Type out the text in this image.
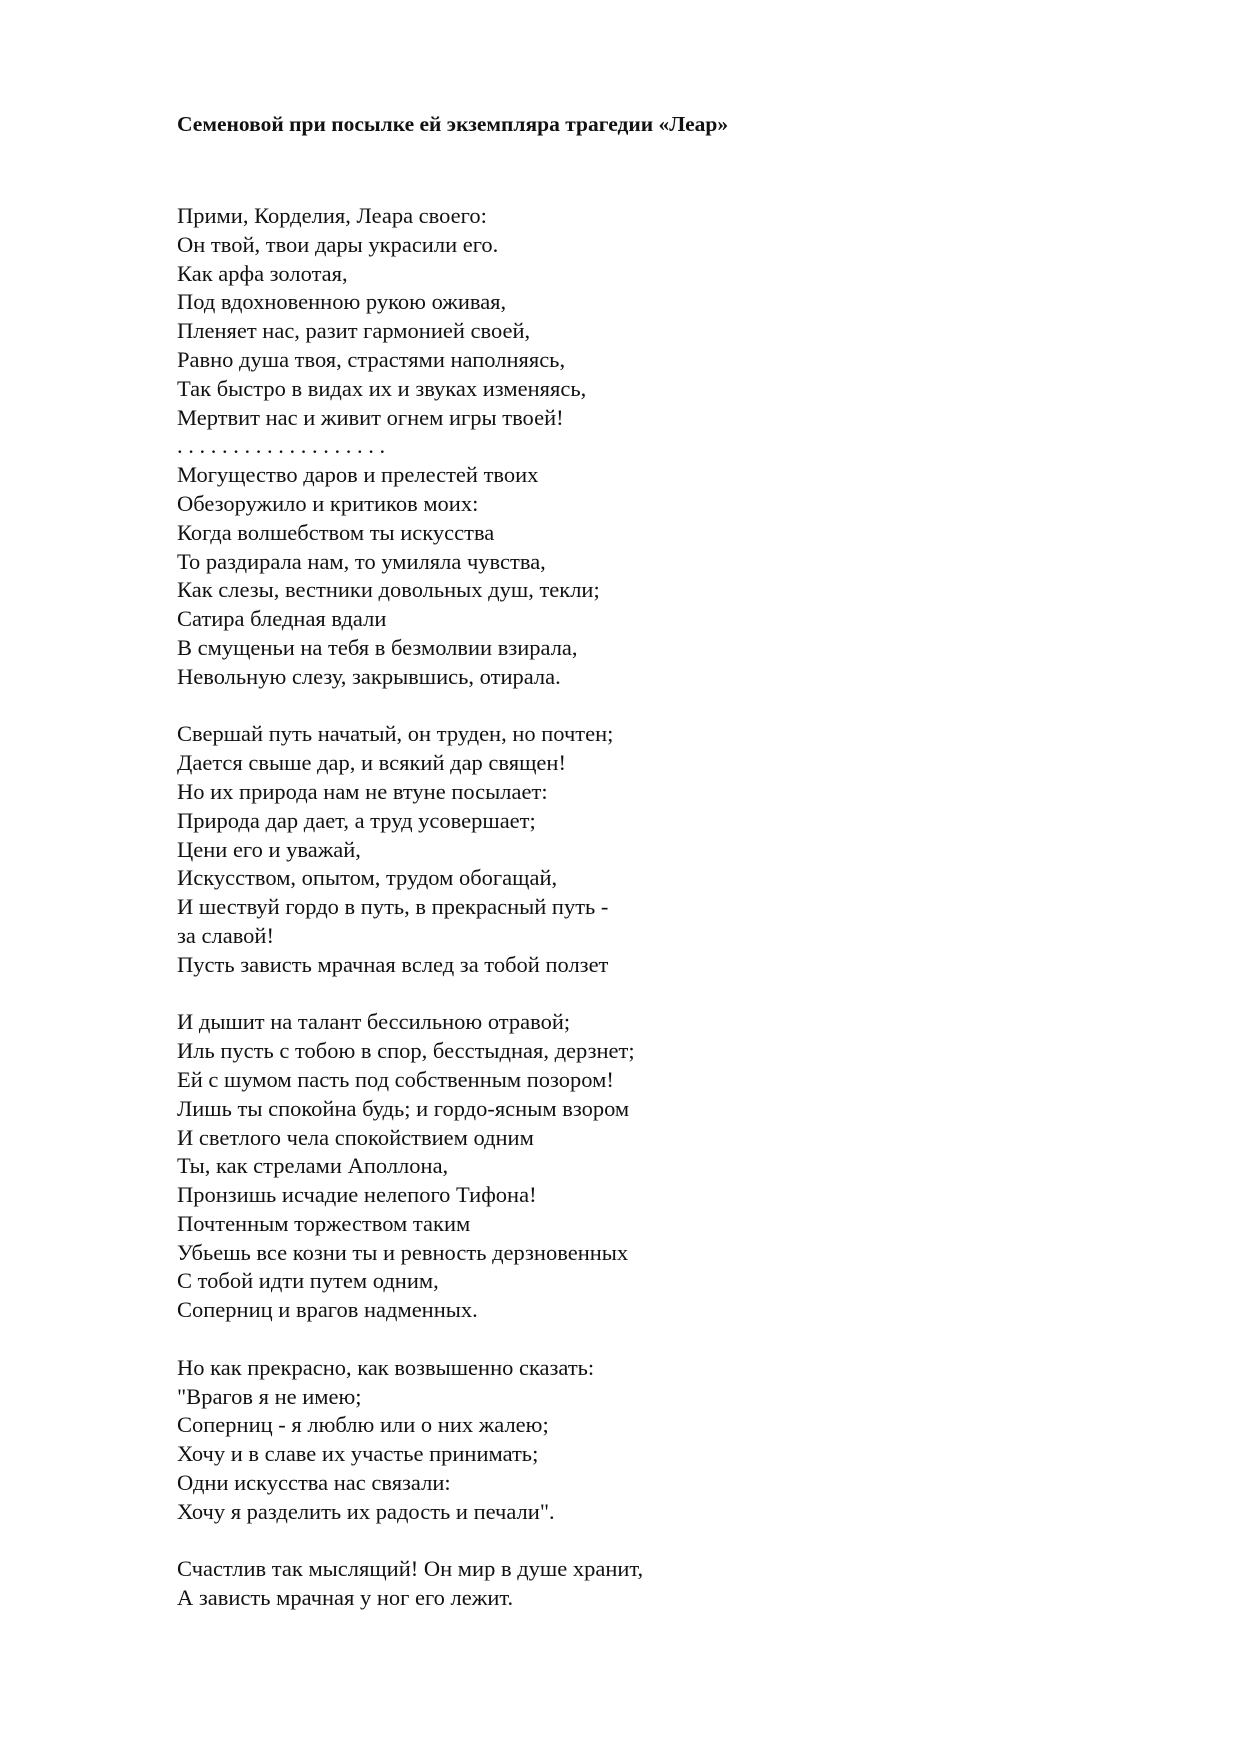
Семеновой при посылке ей экземпляра трагедии «Леар»
Прими, Корделия, Леара своего:
Он твой, твои дары украсили его.
Как арфа золотая,
Под вдохновенною рукою оживая,
Пленяет нас, разит гармонией своей,
Равно душа твоя, страстями наполняясь,
Так быстро в видах их и звуках изменяясь,
Мертвит нас и живит огнем игры твоей!
. . . . . . . . . . . . . . . . . . .
Могущество даров и прелестей твоих
Обезоружило и критиков моих:
Когда волшебством ты искусства
То раздирала нам, то умиляла чувства,
Как слезы, вестники довольных душ, текли;
Сатира бледная вдали
В смущеньи на тебя в безмолвии взирала,
Невольную слезу, закрывшись, отирала.
Свершай путь начатый, он труден, но почтен;
Дается свыше дар, и всякий дар священ!
Но их природа нам не втуне посылает:
Природа дар дает, а труд усовершает;
Цени его и уважай,
Искусством, опытом, трудом обогащай,
И шествуй гордо в путь, в прекрасный путь -
за славой!
Пусть зависть мрачная вслед за тобой ползет
И дышит на талант бессильною отравой;
Иль пусть с тобою в спор, бесстыдная, дерзнет;
Ей с шумом пасть под собственным позором!
Лишь ты спокойна будь; и гордо-ясным взором
И светлого чела спокойствием одним
Ты, как стрелами Аполлона,
Пронзишь исчадие нелепого Тифона!
Почтенным торжеством таким
Убьешь все козни ты и ревность дерзновенных
С тобой идти путем одним,
Соперниц и врагов надменных.
Но как прекрасно, как возвышенно сказать:
"Врагов я не имею;
Соперниц - я люблю или о них жалею;
Хочу и в славе их участье принимать;
Одни искусства нас связали:
Хочу я разделить их радость и печали".
Счастлив так мыслящий! Он мир в душе хранит,
А зависть мрачная у ног его лежит.
